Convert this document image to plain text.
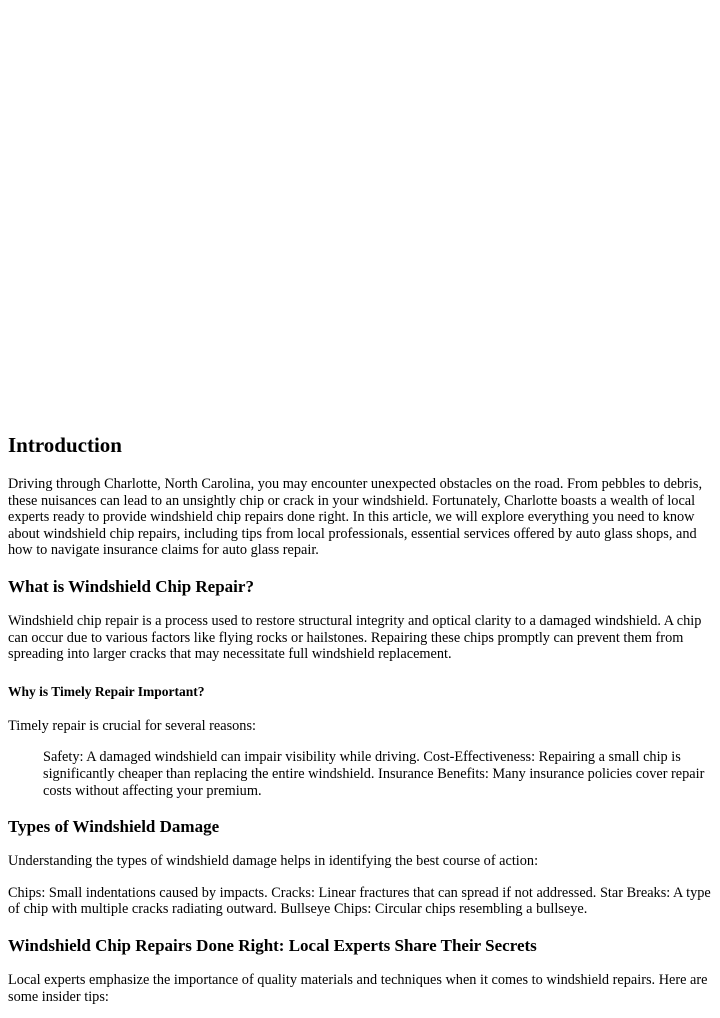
Introduction

Driving through Charlotte, North Carolina, you may encounter unexpected obstacles on the road. From pebbles to debris, these nuisances can lead to an unsightly chip or crack in your windshield. Fortunately, Charlotte boasts a wealth of local experts ready to provide windshield chip repairs done right. In this article, we will explore everything you need to know about windshield chip repairs, including tips from local professionals, essential services offered by auto glass shops, and how to navigate insurance claims for auto glass repair.

What is Windshield Chip Repair?

Windshield chip repair is a process used to restore structural integrity and optical clarity to a damaged windshield. A chip can occur due to various factors like flying rocks or hailstones. Repairing these chips promptly can prevent them from spreading into larger cracks that may necessitate full windshield replacement.

Why is Timely Repair Important?

Timely repair is crucial for several reasons:

Safety: A damaged windshield can impair visibility while driving. Cost-Effectiveness: Repairing a small chip is significantly cheaper than replacing the entire windshield. Insurance Benefits: Many insurance policies cover repair costs without affecting your premium.

Types of Windshield Damage

Understanding the types of windshield damage helps in identifying the best course of action:

Chips: Small indentations caused by impacts. Cracks: Linear fractures that can spread if not addressed. Star Breaks: A type of chip with multiple cracks radiating outward. Bullseye Chips: Circular chips resembling a bullseye.

Windshield Chip Repairs Done Right: Local Experts Share Their Secrets

Local experts emphasize the importance of quality materials and techniques when it comes to windshield repairs. Here are some insider tips:
